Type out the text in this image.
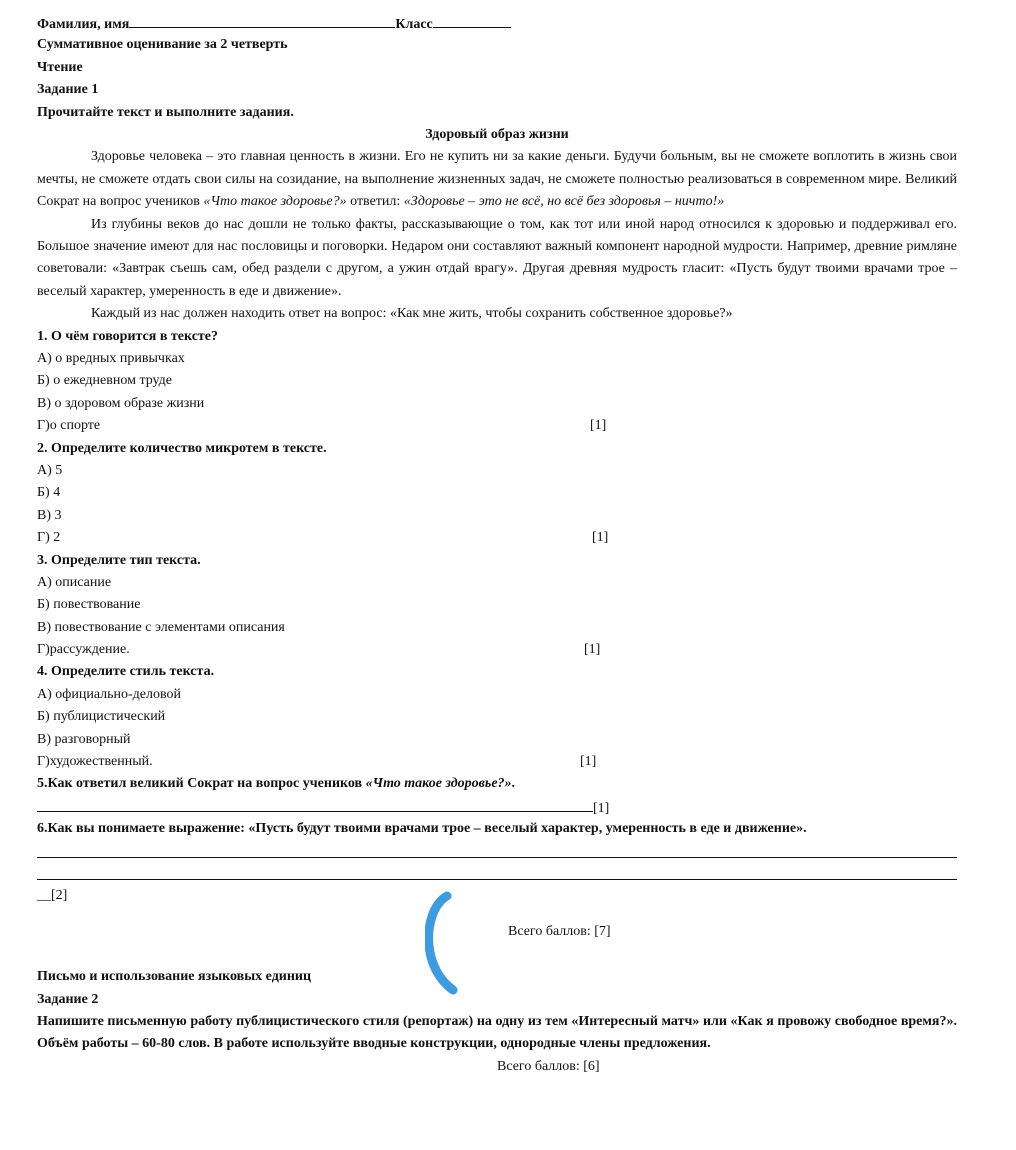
Фамилия, имя	Класс
Суммативное оценивание за 2 четверть
Чтение
Задание 1
Прочитайте текст и выполните задания.
Здоровый образ жизни

Здоровье человека – это главная ценность в жизни. Его не купить ни за какие деньги. Будучи больным, вы не сможете воплотить в жизнь свои мечты, не сможете отдать свои силы на созидание, на выполнение жизненных задач, не сможете полностью реализоваться в современном мире. Великий Сократ на вопрос учеников «Что такое здоровье?» ответил: «Здоровье – это не всё, но всё без здоровья – ничто!»

Из глубины веков до нас дошли не только факты, рассказывающие о том, как тот или иной народ относился к здоровью и поддерживал его. Большое значение имеют для нас пословицы и поговорки. Недаром они составляют важный компонент народной мудрости. Например, древние римляне советовали: «Завтрак съешь сам, обед раздели с другом, а ужин отдай врагу». Другая древняя мудрость гласит: «Пусть будут твоими врачами трое – веселый характер, умеренность в еде и движение».

Каждый из нас должен находить ответ на вопрос: «Как мне жить, чтобы сохранить собственное здоровье?»

1. О чём говорится в тексте?
А) о вредных привычках
Б) о ежедневном труде
В) о здоровом образе жизни
Г)о спорте	[1]
2. Определите количество микротем в тексте.
А) 5
Б) 4
В) 3
Г) 2	[1]
3. Определите тип текста.
А) описание
Б) повествование
В) повествование с элементами описания
Г)рассуждение.	[1]
4. Определите стиль текста.
А) официально-деловой
Б) публицистический
В) разговорный
Г)художественный.	[1]
5.Как ответил великий Сократ на вопрос учеников «Что такое здоровье?».
[1]
6.Как вы понимаете выражение: «Пусть будут твоими врачами трое – веселый характер, умеренность в еде и движение».
__[2]
Всего баллов: [7]
Письмо и использование языковых единиц
Задание 2

Напишите письменную работу публицистического стиля (репортаж) на одну из тем «Интересный матч» или «Как я провожу свободное время?». Объём работы – 60-80 слов. В работе используйте вводные конструкции, однородные члены предложения.

Всего баллов: [6]
